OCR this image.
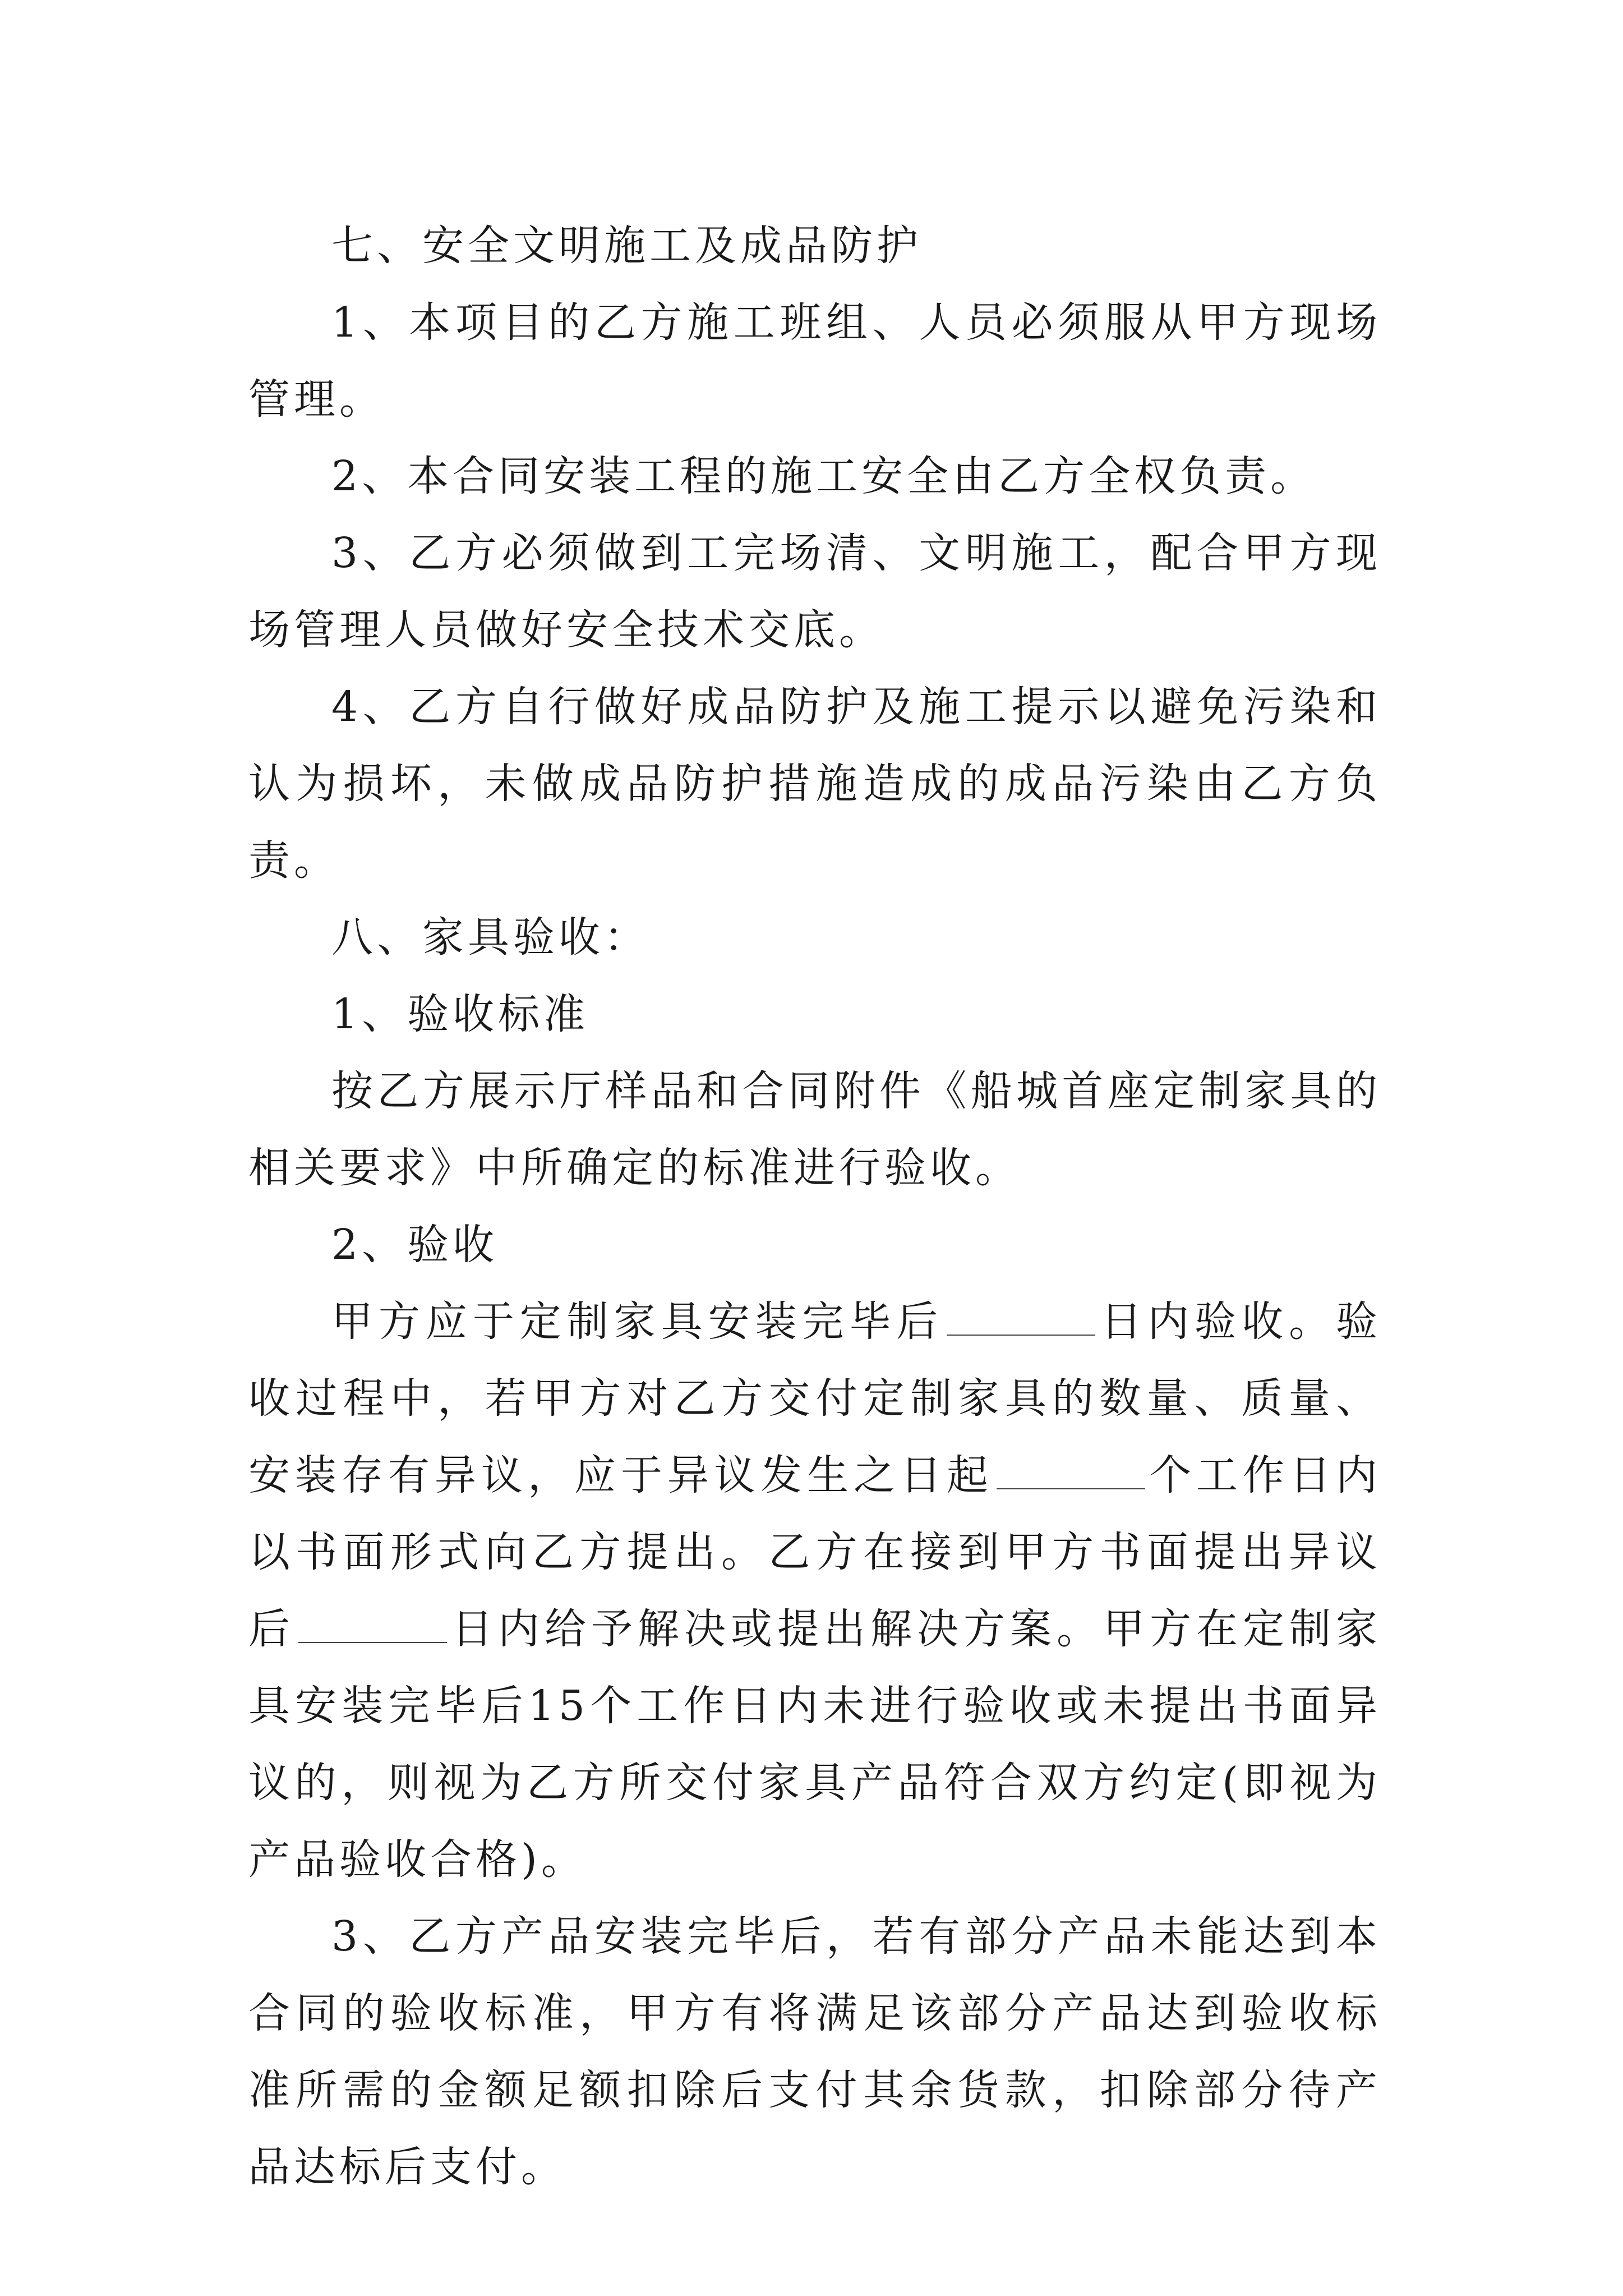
七、安全文明施工及成品防护

1、本项目的乙方施工班组、人员必须服从甲方现场管理。

2、本合同安装工程的施工安全由乙方全权负责。

3、乙方必须做到工完场清、文明施工，配合甲方现场管理人员做好安全技术交底。

4、乙方自行做好成品防护及施工提示以避免污染和认为损坏，未做成品防护措施造成的成品污染由乙方负责。

八、家具验收：

1、验收标准

按乙方展示厅样品和合同附件《船城首座定制家具的相关要求》中所确定的标准进行验收。

2、验收

甲方应于定制家具安装完毕后	日内验收。验收过程中，若甲方对乙方交付定制家具的数量、质量、安装存有异议，应于异议发生之日起	个工作日内以书面形式向乙方提出。乙方在接到甲方书面提出异议后	日内给予解决或提出解决方案。甲方在定制家具安装完毕后15个工作日内未进行验收或未提出书面异议的，则视为乙方所交付家具产品符合双方约定(即视为产品验收合格)。

3、乙方产品安装完毕后，若有部分产品未能达到本合同的验收标准，甲方有将满足该部分产品达到验收标准所需的金额足额扣除后支付其余货款，扣除部分待产品达标后支付。
